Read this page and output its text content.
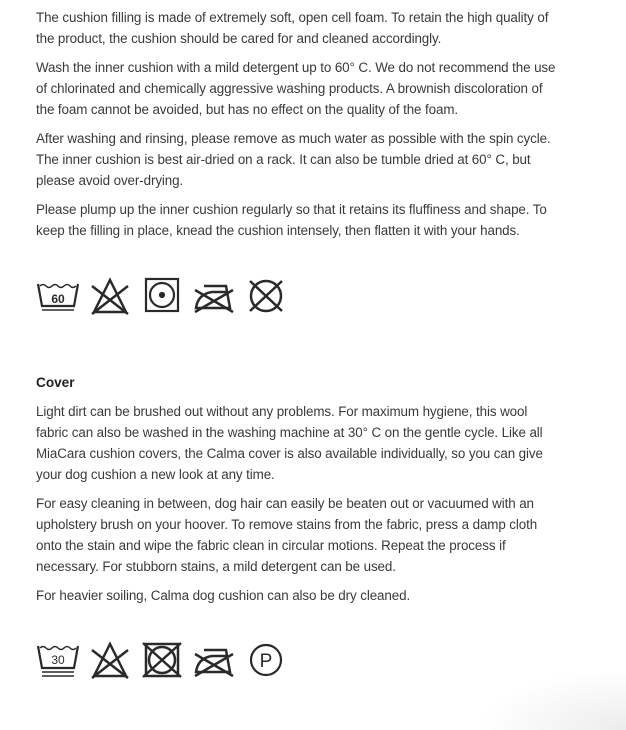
The cushion filling is made of extremely soft, open cell foam. To retain the high quality of the product, the cushion should be cared for and cleaned accordingly.

Wash the inner cushion with a mild detergent up to 60° C. We do not recommend the use of chlorinated and chemically aggressive washing products. A brownish discoloration of the foam cannot be avoided, but has no effect on the quality of the foam.

After washing and rinsing, please remove as much water as possible with the spin cycle. The inner cushion is best air-dried on a rack. It can also be tumble dried at 60° C, but please avoid over-drying.

Please plump up the inner cushion regularly so that it retains its fluffiness and shape. To keep the filling in place, knead the cushion intensely, then flatten it with your hands.

60
Cover

Light dirt can be brushed out without any problems. For maximum hygiene, this wool fabric can also be washed in the washing machine at 30° C on the gentle cycle. Like all MiaCara cushion covers, the Calma cover is also available individually, so you can give your dog cushion a new look at any time.

For easy cleaning in between, dog hair can easily be beaten out or vacuumed with an upholstery brush on your hoover. To remove stains from the fabric, press a damp cloth onto the stain and wipe the fabric clean in circular motions. Repeat the process if necessary. For stubborn stains, a mild detergent can be used.

For heavier soiling, Calma dog cushion can also be dry cleaned.

30	P
